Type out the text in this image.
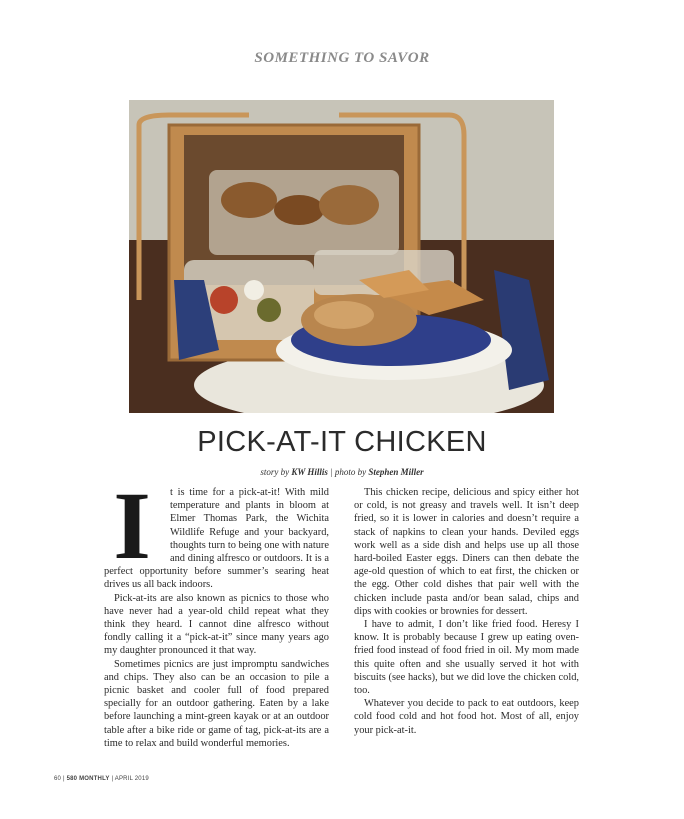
SOMETHING TO SAVOR
PICK-AT-IT CHICKEN
story by KW Hillis | photo by Stephen Miller
I	t is time for a pick-at-it! With mild temperature and plants in bloom at Elmer Thomas Park, the Wichita Wildlife Refuge and your backyard, thoughts turn to being one with nature and dining alfresco or outdoors. It is a perfect opportunity before summer’s searing heat drives us all back indoors.

Pick-at-its are also known as picnics to those who have never had a year-old child repeat what they think they heard. I cannot dine alfresco without fondly calling it a “pick-at-it” since many years ago my daughter pronounced it that way.

Sometimes picnics are just impromptu sandwiches and chips. They also can be an occasion to pile a picnic basket and cooler full of food prepared specially for an outdoor gathering. Eaten by a lake before launching a mint-green kayak or at an outdoor table after a bike ride or game of tag, pick-at-its are a time to relax and build wonderful memories.

This chicken recipe, delicious and spicy either hot or cold, is not greasy and travels well. It isn’t deep fried, so it is lower in calories and doesn’t require a stack of napkins to clean your hands. Deviled eggs work well as a side dish and helps use up all those hard-boiled Easter eggs. Diners can then debate the age-old question of which to eat first, the chicken or the egg. Other cold dishes that pair well with the chicken include pasta and/or bean salad, chips and dips with cookies or brownies for dessert.

I have to admit, I don’t like fried food. Heresy I know. It is probably because I grew up eating oven-fried food instead of food fried in oil. My mom made this quite often and she usually served it hot with biscuits (see hacks), but we did love the chicken cold, too.

Whatever you decide to pack to eat outdoors, keep cold food cold and hot food hot. Most of all, enjoy your pick-at-it.

60 | 580 MONTHLY | APRIL 2019
